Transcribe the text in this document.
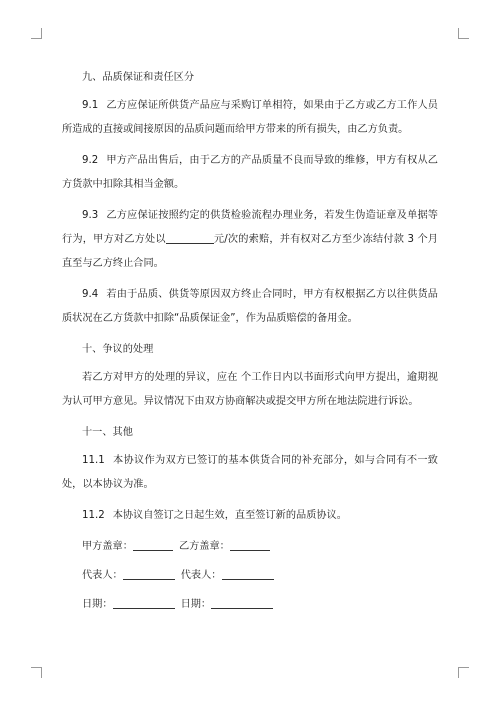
九、品质保证和责任区分

9.1 乙方应保证所供货产品应与采购订单相符，如果由于乙方或乙方工作人员所造成的直接或间接原因的品质问题而给甲方带来的所有损失，由乙方负责。

9.2 甲方产品出售后，由于乙方的产品质量不良而导致的维修，甲方有权从乙方货款中扣除其相当金额。

9.3 乙方应保证按照约定的供货检验流程办理业务，若发生伪造证章及单据等行为，甲方对乙方处以	元/次的索赔，并有权对乙方至少冻结付款 3 个月直至与乙方终止合同。

9.4 若由于品质、供货等原因双方终止合同时，甲方有权根据乙方以往供货品质状况在乙方货款中扣除“品质保证金”，作为品质赔偿的备用金。

十、争议的处理

若乙方对甲方的处理的异议，应在 个工作日内以书面形式向甲方提出，逾期视为认可甲方意见。异议情况下由双方协商解决或提交甲方所在地法院进行诉讼。

十一、其他

11.1 本协议作为双方已签订的基本供货合同的补充部分，如与合同有不一致处，以本协议为准。

11.2 本协议自签订之日起生效，直至签订新的品质协议。

甲方盖章：	乙方盖章：
代表人：	代表人：
日期：	日期：
